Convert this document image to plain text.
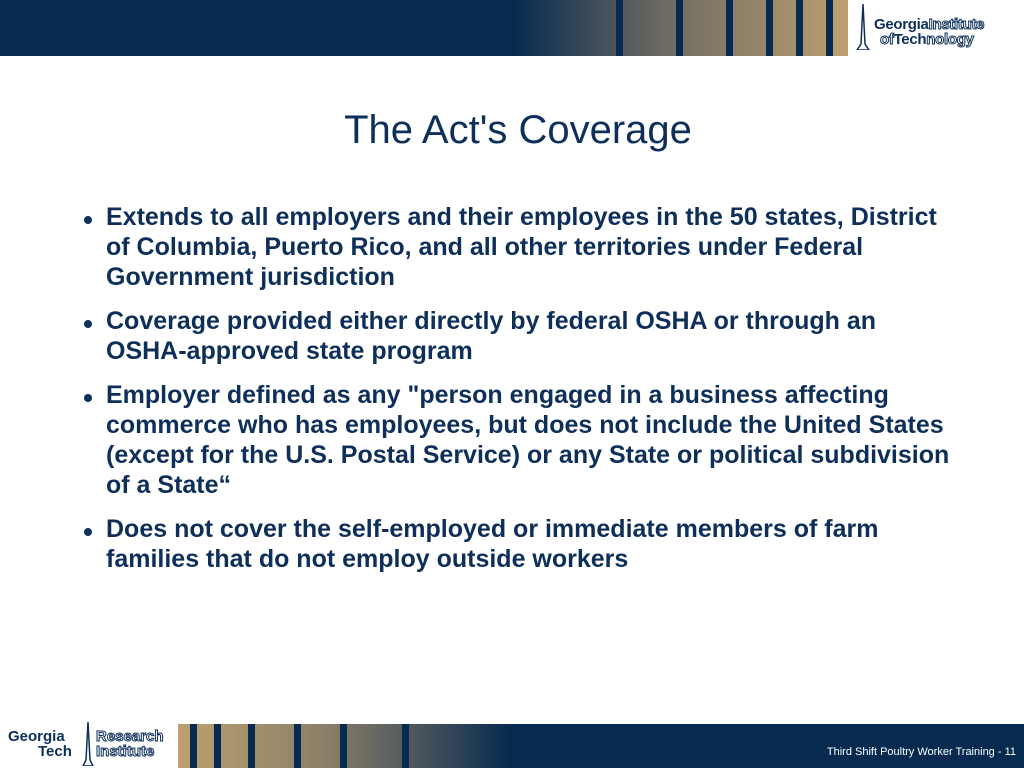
GeorgiaInstitute
ofTechnology
The Act's Coverage
Extends to all employers and their employees in the 50 states, District of Columbia, Puerto Rico, and all other territories under Federal Government jurisdiction
Coverage provided either directly by federal OSHA or through an OSHA-approved state program
Employer defined as any "person engaged in a business affecting commerce who has employees, but does not include the United States (except for the U.S. Postal Service) or any State or political subdivision of a State“
Does not cover the self-employed or immediate members of farm families that do not employ outside workers
Georgia
Tech
Research
Institute	Third Shift Poultry Worker Training - 11
